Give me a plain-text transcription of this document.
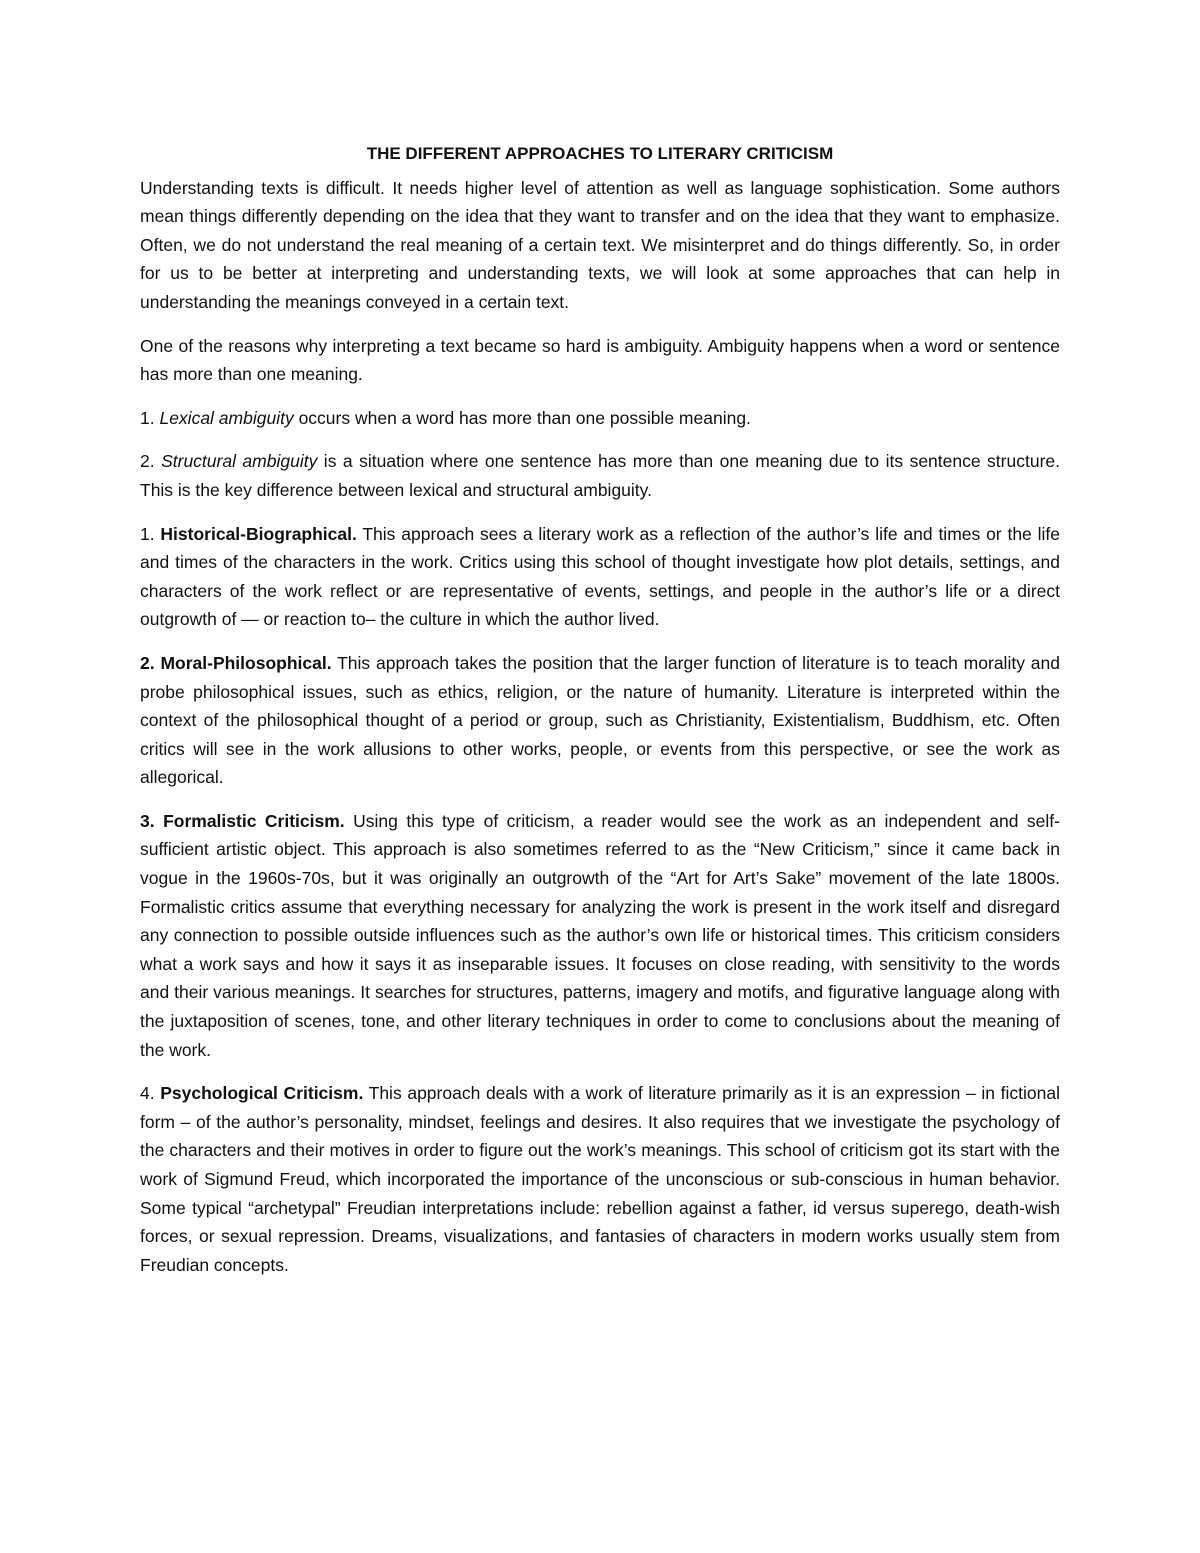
THE DIFFERENT APPROACHES TO LITERARY CRITICISM

Understanding texts is difficult. It needs higher level of attention as well as language sophistication. Some authors mean things differently depending on the idea that they want to transfer and on the idea that they want to emphasize. Often, we do not understand the real meaning of a certain text. We misinterpret and do things differently. So, in order for us to be better at interpreting and understanding texts, we will look at some approaches that can help in understanding the meanings conveyed in a certain text.

One of the reasons why interpreting a text became so hard is ambiguity. Ambiguity happens when a word or sentence has more than one meaning.

1. Lexical ambiguity occurs when a word has more than one possible meaning.

2. Structural ambiguity is a situation where one sentence has more than one meaning due to its sentence structure. This is the key difference between lexical and structural ambiguity.

1. Historical-Biographical. This approach sees a literary work as a reflection of the author’s life and times or the life and times of the characters in the work. Critics using this school of thought investigate how plot details, settings, and characters of the work reflect or are representative of events, settings, and people in the author’s life or a direct outgrowth of — or reaction to– the culture in which the author lived.

2. Moral-Philosophical. This approach takes the position that the larger function of literature is to teach morality and probe philosophical issues, such as ethics, religion, or the nature of humanity. Literature is interpreted within the context of the philosophical thought of a period or group, such as Christianity, Existentialism, Buddhism, etc. Often critics will see in the work allusions to other works, people, or events from this perspective, or see the work as allegorical.

3. Formalistic Criticism. Using this type of criticism, a reader would see the work as an independent and self-sufficient artistic object. This approach is also sometimes referred to as the “New Criticism,” since it came back in vogue in the 1960s-70s, but it was originally an outgrowth of the “Art for Art’s Sake” movement of the late 1800s. Formalistic critics assume that everything necessary for analyzing the work is present in the work itself and disregard any connection to possible outside influences such as the author’s own life or historical times. This criticism considers what a work says and how it says it as inseparable issues. It focuses on close reading, with sensitivity to the words and their various meanings. It searches for structures, patterns, imagery and motifs, and figurative language along with the juxtaposition of scenes, tone, and other literary techniques in order to come to conclusions about the meaning of the work.

4. Psychological Criticism. This approach deals with a work of literature primarily as it is an expression – in fictional form – of the author’s personality, mindset, feelings and desires. It also requires that we investigate the psychology of the characters and their motives in order to figure out the work’s meanings. This school of criticism got its start with the work of Sigmund Freud, which incorporated the importance of the unconscious or sub-conscious in human behavior. Some typical “archetypal” Freudian interpretations include: rebellion against a father, id versus superego, death-wish forces, or sexual repression. Dreams, visualizations, and fantasies of characters in modern works usually stem from Freudian concepts.
